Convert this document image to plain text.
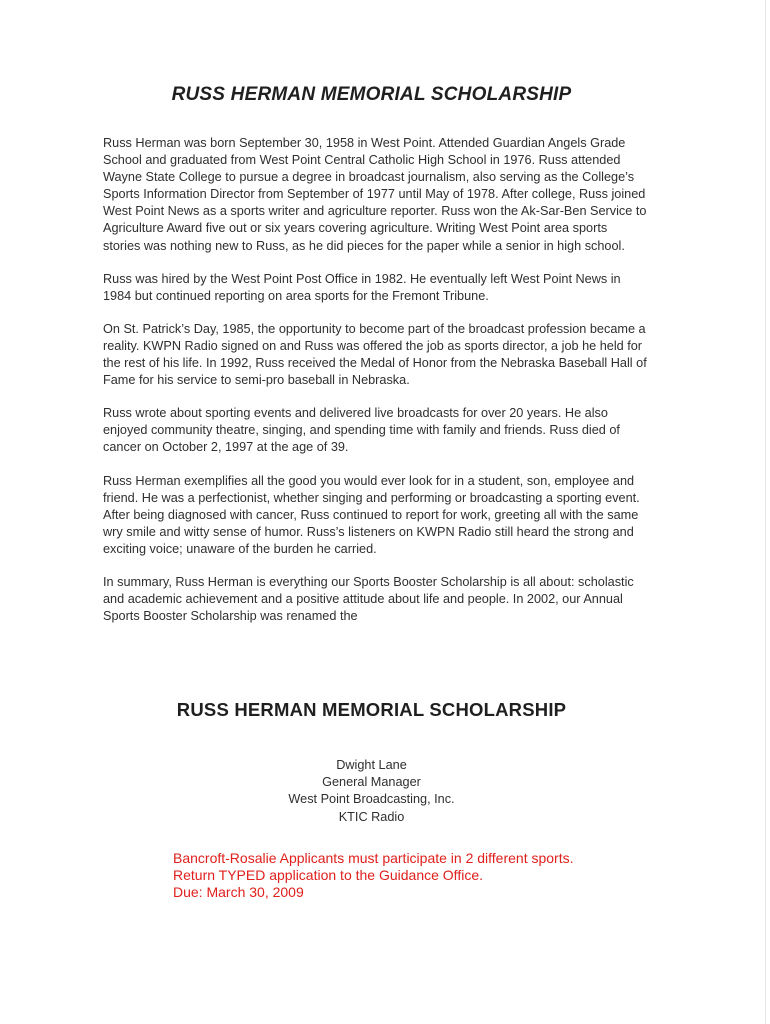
RUSS HERMAN MEMORIAL SCHOLARSHIP

Russ Herman was born September 30, 1958 in West Point. Attended Guardian Angels Grade School and graduated from West Point Central Catholic High School in 1976. Russ attended Wayne State College to pursue a degree in broadcast journalism, also serving as the College’s Sports Information Director from September of 1977 until May of 1978. After college, Russ joined West Point News as a sports writer and agriculture reporter. Russ won the Ak-Sar-Ben Service to Agriculture Award five out or six years covering agriculture. Writing West Point area sports stories was nothing new to Russ, as he did pieces for the paper while a senior in high school.

Russ was hired by the West Point Post Office in 1982. He eventually left West Point News in 1984 but continued reporting on area sports for the Fremont Tribune.

On St. Patrick’s Day, 1985, the opportunity to become part of the broadcast profession became a reality. KWPN Radio signed on and Russ was offered the job as sports director, a job he held for the rest of his life. In 1992, Russ received the Medal of Honor from the Nebraska Baseball Hall of Fame for his service to semi-pro baseball in Nebraska.

Russ wrote about sporting events and delivered live broadcasts for over 20 years. He also enjoyed community theatre, singing, and spending time with family and friends. Russ died of cancer on October 2, 1997 at the age of 39.

Russ Herman exemplifies all the good you would ever look for in a student, son, employee and friend. He was a perfectionist, whether singing and performing or broadcasting a sporting event. After being diagnosed with cancer, Russ continued to report for work, greeting all with the same wry smile and witty sense of humor. Russ’s listeners on KWPN Radio still heard the strong and exciting voice; unaware of the burden he carried.

In summary, Russ Herman is everything our Sports Booster Scholarship is all about: scholastic and academic achievement and a positive attitude about life and people. In 2002, our Annual Sports Booster Scholarship was renamed the

RUSS HERMAN MEMORIAL SCHOLARSHIP
Dwight Lane
General Manager
West Point Broadcasting, Inc.
KTIC Radio
Bancroft-Rosalie Applicants must participate in 2 different sports.
Return TYPED application to the Guidance Office.
Due: March 30, 2009
